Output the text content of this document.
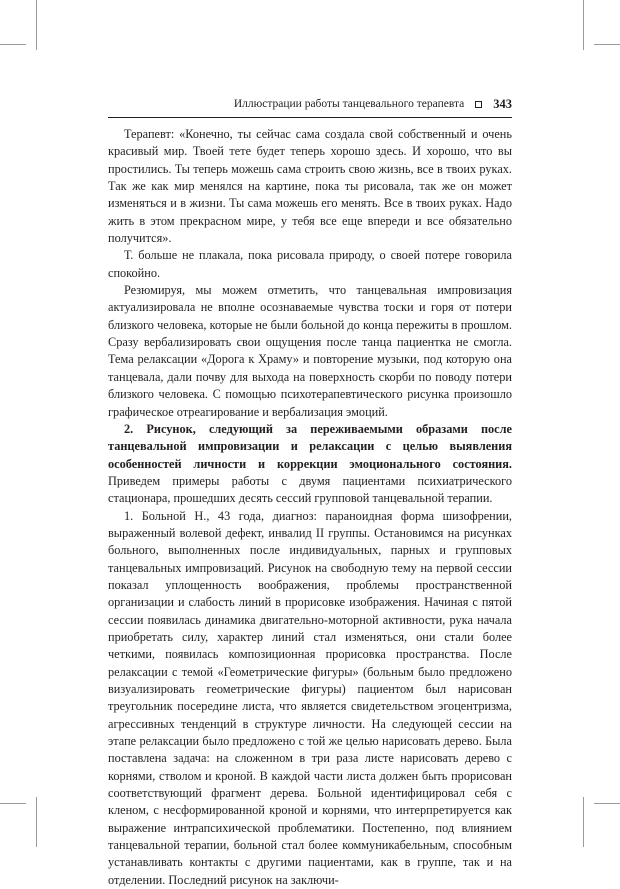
Иллюстрации работы танцевального терапевта 343

Терапевт: «Конечно, ты сейчас сама создала свой собственный и очень красивый мир. Твоей тете будет теперь хорошо здесь. И хорошо, что вы простились. Ты теперь можешь сама строить свою жизнь, все в твоих руках. Так же как мир менялся на картине, пока ты рисовала, так же он может изменяться и в жизни. Ты сама можешь его менять. Все в твоих руках. Надо жить в этом прекрасном мире, у тебя все еще впереди и все обязательно получится».

Т. больше не плакала, пока рисовала природу, о своей потере говорила спокойно.

Резюмируя, мы можем отметить, что танцевальная импровизация актуализировала не вполне осознаваемые чувства тоски и горя от потери близкого человека, которые не были больной до конца пережиты в прошлом. Сразу вербализировать свои ощущения после танца пациентка не смогла. Тема релаксации «Дорога к Храму» и повторение музыки, под которую она танцевала, дали почву для выхода на поверхность скорби по поводу потери близкого человека. С помощью психотерапевтического рисунка произошло графическое отреагирование и вербализация эмоций.

2. Рисунок, следующий за переживаемыми образами после танцевальной импровизации и релаксации с целью выявления особенностей личности и коррекции эмоционального состояния. Приведем примеры работы с двумя пациентами психиатрического стационара, прошедших десять сессий групповой танцевальной терапии.

1. Больной Н., 43 года, диагноз: параноидная форма шизофрении, выраженный волевой дефект, инвалид II группы. Остановимся на рисунках больного, выполненных после индивидуальных, парных и групповых танцевальных импровизаций. Рисунок на свободную тему на первой сессии показал уплощенность воображения, проблемы пространственной организации и слабость линий в прорисовке изображения. Начиная с пятой сессии появилась динамика двигательно-моторной активности, рука начала приобретать силу, характер линий стал изменяться, они стали более четкими, появилась композиционная прорисовка пространства. После релаксации с темой «Геометрические фигуры» (больным было предложено визуализировать геометрические фигуры) пациентом был нарисован треугольник посередине листа, что является свидетельством эгоцентризма, агрессивных тенденций в структуре личности. На следующей сессии на этапе релаксации было предложено с той же целью нарисовать дерево. Была поставлена задача: на сложенном в три раза листе нарисовать дерево с корнями, стволом и кроной. В каждой части листа должен быть прорисован соответствующий фрагмент дерева. Больной идентифицировал себя с кленом, с несформированной кроной и корнями, что интерпретируется как выражение интрапсихической проблематики. Постепенно, под влиянием танцевальной терапии, больной стал более коммуникабельным, способным устанавливать контакты с другими пациентами, как в группе, так и на отделении. Последний рисунок на заключи-
